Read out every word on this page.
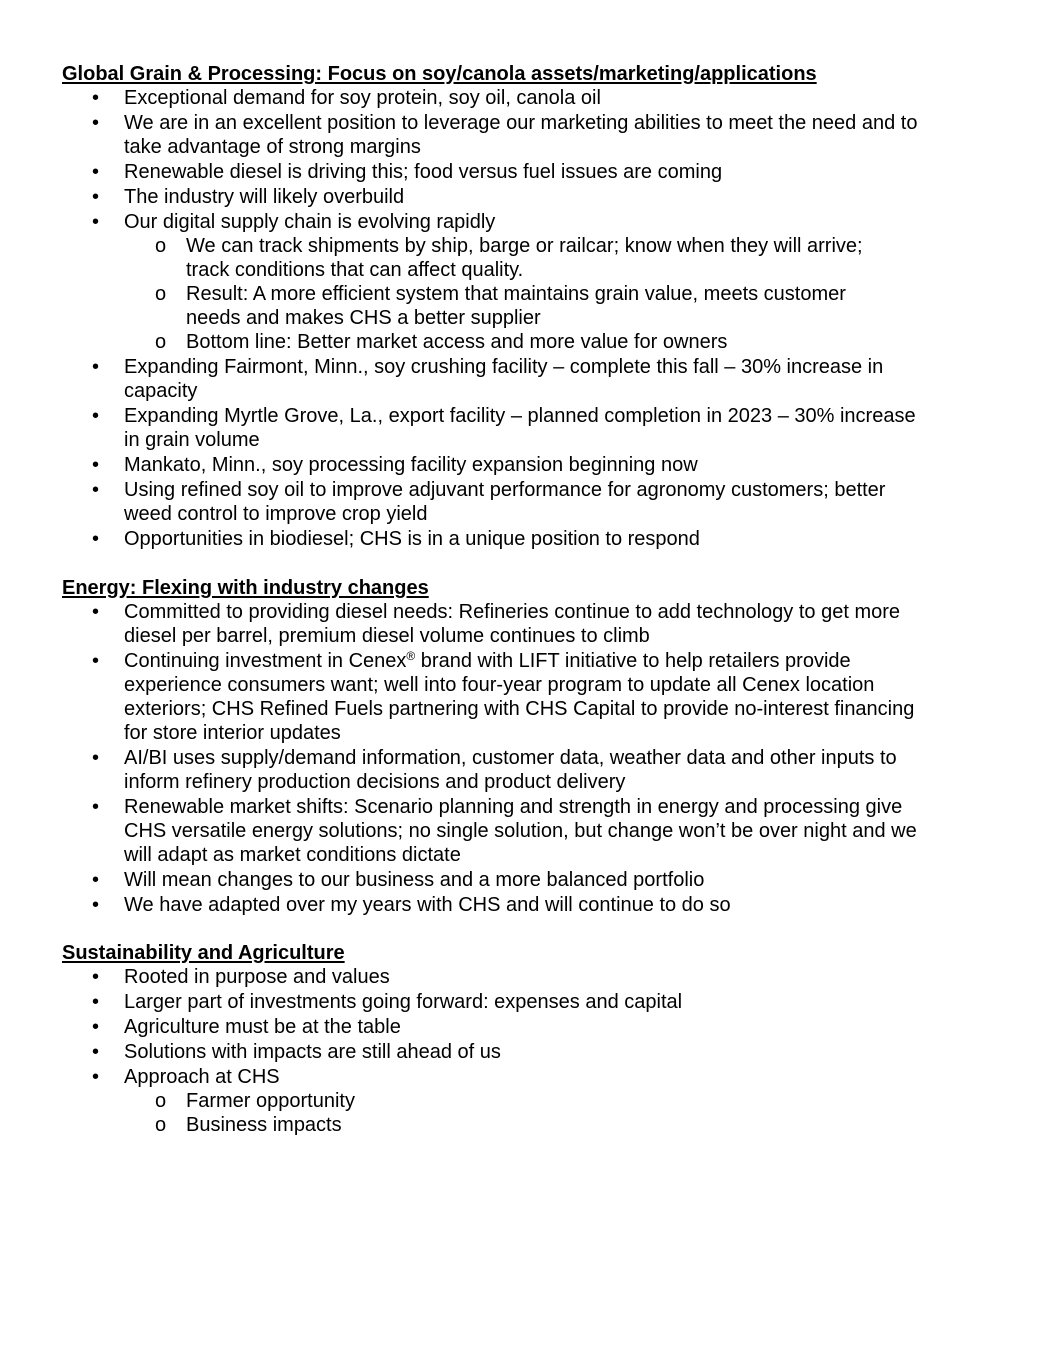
Global Grain & Processing: Focus on soy/canola assets/marketing/applications
• Exceptional demand for soy protein, soy oil, canola oil
• We are in an excellent position to leverage our marketing abilities to meet the need and to take advantage of strong margins
• Renewable diesel is driving this; food versus fuel issues are coming
• The industry will likely overbuild
• Our digital supply chain is evolving rapidly
o We can track shipments by ship, barge or railcar; know when they will arrive; track conditions that can affect quality.
o Result: A more efficient system that maintains grain value, meets customer needs and makes CHS a better supplier
o Bottom line: Better market access and more value for owners
• Expanding Fairmont, Minn., soy crushing facility – complete this fall – 30% increase in capacity
• Expanding Myrtle Grove, La., export facility – planned completion in 2023 – 30% increase in grain volume
• Mankato, Minn., soy processing facility expansion beginning now
• Using refined soy oil to improve adjuvant performance for agronomy customers; better weed control to improve crop yield
• Opportunities in biodiesel; CHS is in a unique position to respond
Energy: Flexing with industry changes
• Committed to providing diesel needs: Refineries continue to add technology to get more diesel per barrel, premium diesel volume continues to climb
• Continuing investment in Cenex® brand with LIFT initiative to help retailers provide experience consumers want; well into four-year program to update all Cenex location exteriors; CHS Refined Fuels partnering with CHS Capital to provide no-interest financing for store interior updates
• AI/BI uses supply/demand information, customer data, weather data and other inputs to inform refinery production decisions and product delivery
• Renewable market shifts: Scenario planning and strength in energy and processing give CHS versatile energy solutions; no single solution, but change won’t be over night and we will adapt as market conditions dictate
• Will mean changes to our business and a more balanced portfolio
• We have adapted over my years with CHS and will continue to do so
Sustainability and Agriculture
• Rooted in purpose and values
• Larger part of investments going forward: expenses and capital
• Agriculture must be at the table
• Solutions with impacts are still ahead of us
• Approach at CHS
o Farmer opportunity
o Business impacts
